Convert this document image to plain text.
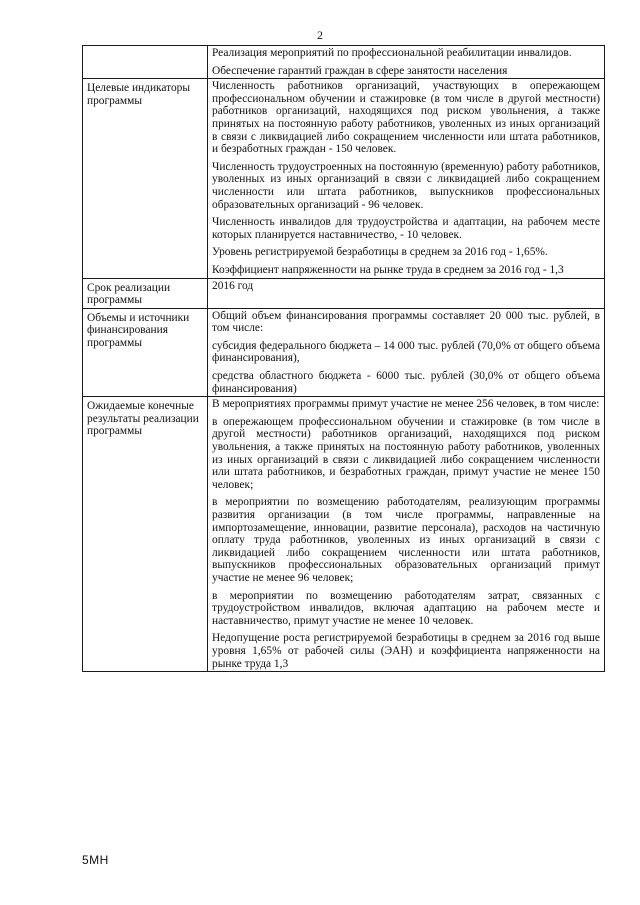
2

	Реализация мероприятий по профессиональной реабилитации инвалидов.

Обеспечение гарантий граждан в сфере занятости населения

Целевые индикаторы программы	Численность работников организаций, участвующих в опережающем профессиональном обучении и стажировке (в том числе в другой местности) работников организаций, находящихся под риском увольнения, а также принятых на постоянную работу работников, уволенных из иных организаций в связи с ликвидацией либо сокращением численности или штата работников, и безработных граждан - 150 человек.

Численность трудоустроенных на постоянную (временную) работу работников, уволенных из иных организаций в связи с ликвидацией либо сокращением численности или штата работников, выпускников профессиональных образовательных организаций - 96 человек.

Численность инвалидов для трудоустройства и адаптации, на рабочем месте которых планируется наставничество, - 10 человек.

Уровень регистрируемой безработицы в среднем за 2016 год - 1,65%.

Коэффициент напряженности на рынке труда в среднем за 2016 год - 1,3

Срок реализации программы	2016 год

Объемы и источники финансирования программы	Общий объем финансирования программы составляет 20 000 тыс. рублей, в том числе:

субсидия федерального бюджета – 14 000 тыс. рублей (70,0% от общего объема финансирования),

средства областного бюджета - 6000 тыс. рублей (30,0% от общего объема финансирования)

Ожидаемые конечные результаты реализации программы	В мероприятиях программы примут участие не менее 256 человек, в том числе:

в опережающем профессиональном обучении и стажировке (в том числе в другой местности) работников организаций, находящихся под риском увольнения, а также принятых на постоянную работу работников, уволенных из иных организаций в связи с ликвидацией либо сокращением численности или штата работников, и безработных граждан, примут участие не менее 150 человек;

в мероприятии по возмещению работодателям, реализующим программы развития организации (в том числе программы, направленные на импортозамещение, инновации, развитие персонала), расходов на частичную оплату труда работников, уволенных из иных организаций в связи с ликвидацией либо сокращением численности или штата работников, выпускников профессиональных образовательных организаций примут участие не менее 96 человек;

в мероприятии по возмещению работодателям затрат, связанных с трудоустройством инвалидов, включая адаптацию на рабочем месте и наставничество, примут участие не менее 10 человек.

Недопущение роста регистрируемой безработицы в среднем за 2016 год выше уровня 1,65% от рабочей силы (ЭАН) и коэффициента напряженности на рынке труда 1,3

5МН
